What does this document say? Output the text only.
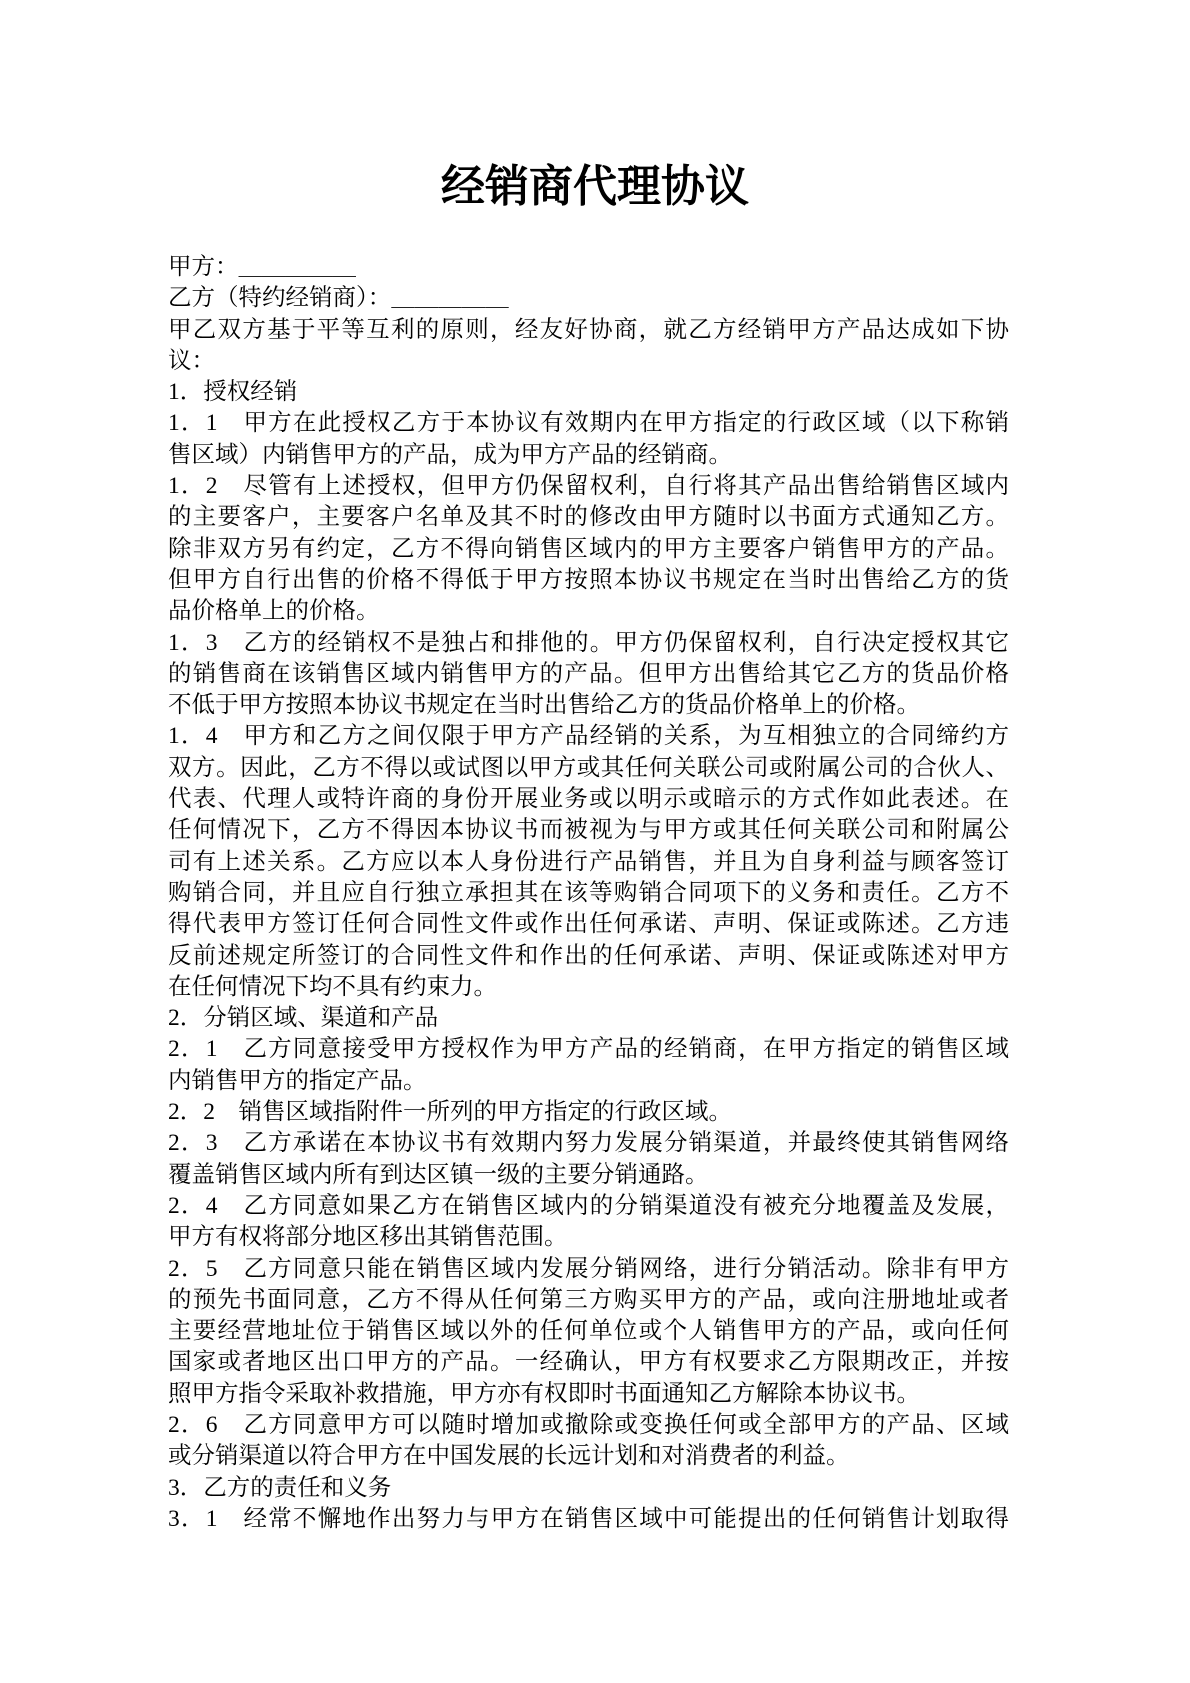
经销商代理协议
甲方：＿＿＿＿＿
乙方（特约经销商）：＿＿＿＿＿
甲乙双方基于平等互利的原则，经友好协商，就乙方经销甲方产品达成如下协
议：
1．授权经销
1．1　甲方在此授权乙方于本协议有效期内在甲方指定的行政区域（以下称销
售区域）内销售甲方的产品，成为甲方产品的经销商。
1．2　尽管有上述授权，但甲方仍保留权利，自行将其产品出售给销售区域内
的主要客户，主要客户名单及其不时的修改由甲方随时以书面方式通知乙方。
除非双方另有约定，乙方不得向销售区域内的甲方主要客户销售甲方的产品。
但甲方自行出售的价格不得低于甲方按照本协议书规定在当时出售给乙方的货
品价格单上的价格。
1．3　乙方的经销权不是独占和排他的。甲方仍保留权利，自行决定授权其它
的销售商在该销售区域内销售甲方的产品。但甲方出售给其它乙方的货品价格
不低于甲方按照本协议书规定在当时出售给乙方的货品价格单上的价格。
1．4　甲方和乙方之间仅限于甲方产品经销的关系，为互相独立的合同缔约方
双方。因此，乙方不得以或试图以甲方或其任何关联公司或附属公司的合伙人、
代表、代理人或特许商的身份开展业务或以明示或暗示的方式作如此表述。在
任何情况下，乙方不得因本协议书而被视为与甲方或其任何关联公司和附属公
司有上述关系。乙方应以本人身份进行产品销售，并且为自身利益与顾客签订
购销合同，并且应自行独立承担其在该等购销合同项下的义务和责任。乙方不
得代表甲方签订任何合同性文件或作出任何承诺、声明、保证或陈述。乙方违
反前述规定所签订的合同性文件和作出的任何承诺、声明、保证或陈述对甲方
在任何情况下均不具有约束力。
2．分销区域、渠道和产品
2．1　乙方同意接受甲方授权作为甲方产品的经销商，在甲方指定的销售区域
内销售甲方的指定产品。
2．2　销售区域指附件一所列的甲方指定的行政区域。
2．3　乙方承诺在本协议书有效期内努力发展分销渠道，并最终使其销售网络
覆盖销售区域内所有到达区镇一级的主要分销通路。
2．4　乙方同意如果乙方在销售区域内的分销渠道没有被充分地覆盖及发展，
甲方有权将部分地区移出其销售范围。
2．5　乙方同意只能在销售区域内发展分销网络，进行分销活动。除非有甲方
的预先书面同意，乙方不得从任何第三方购买甲方的产品，或向注册地址或者
主要经营地址位于销售区域以外的任何单位或个人销售甲方的产品，或向任何
国家或者地区出口甲方的产品。一经确认，甲方有权要求乙方限期改正，并按
照甲方指令采取补救措施，甲方亦有权即时书面通知乙方解除本协议书。
2．6　乙方同意甲方可以随时增加或撤除或变换任何或全部甲方的产品、区域
或分销渠道以符合甲方在中国发展的长远计划和对消费者的利益。
3．乙方的责任和义务
3．1　经常不懈地作出努力与甲方在销售区域中可能提出的任何销售计划取得
